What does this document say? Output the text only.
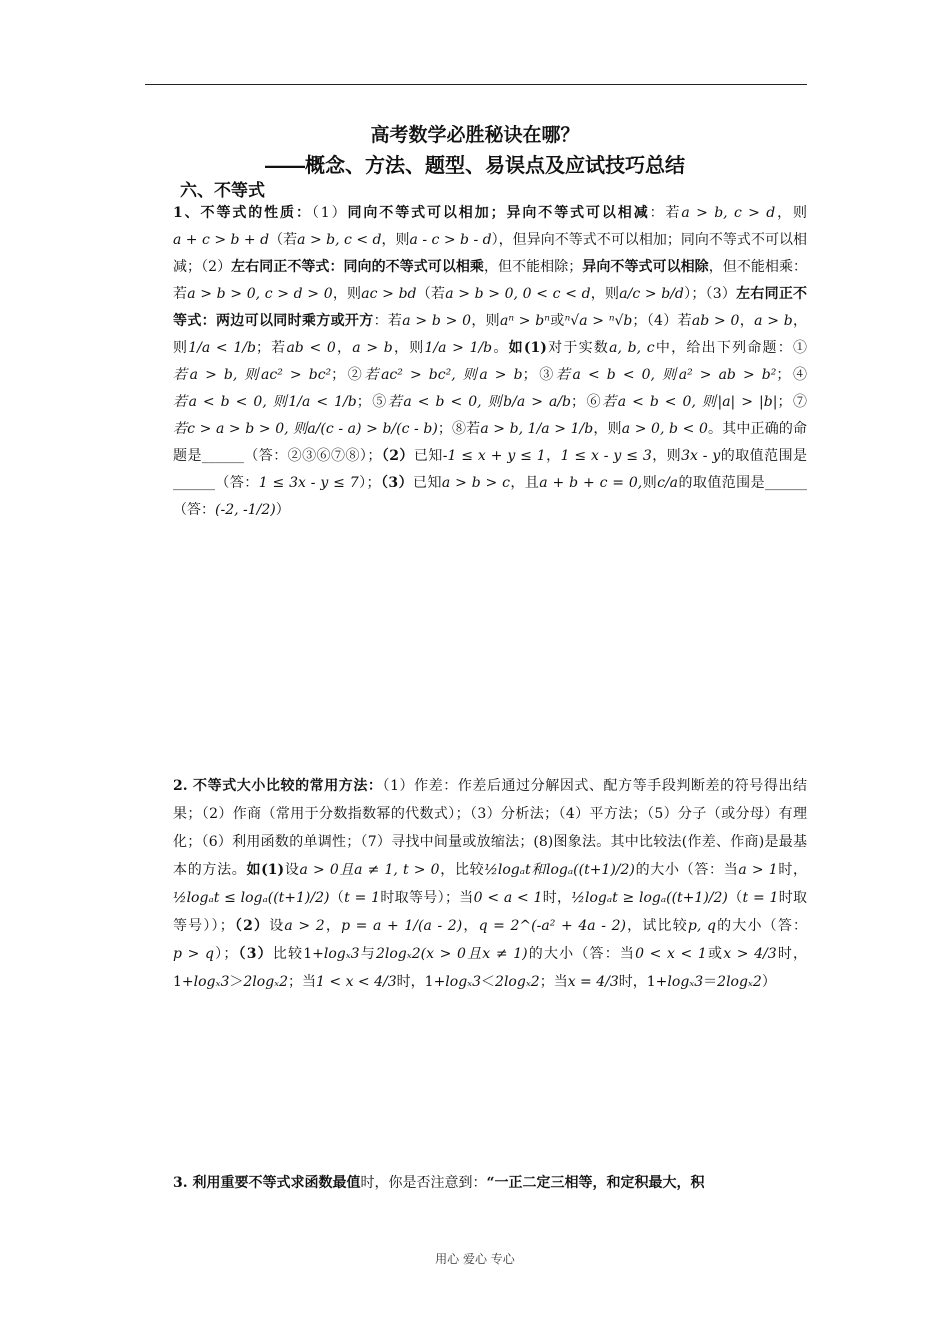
高考数学必胜秘诀在哪？
――概念、方法、题型、易误点及应试技巧总结
六、不等式

1、不等式的性质：（1）同向不等式可以相加；异向不等式可以相减：若a > b, c > d，则a + c > b + d（若a > b, c < d，则a - c > b - d），但异向不等式不可以相加；同向不等式不可以相减；（2）左右同正不等式：同向的不等式可以相乘，但不能相除；异向不等式可以相除，但不能相乘：若a > b > 0, c > d > 0，则ac > bd（若a > b > 0, 0 < c < d，则a/c > b/d）；（3）左右同正不等式：两边可以同时乘方或开方：若a > b > 0，则aⁿ > bⁿ或ⁿ√a > ⁿ√b；（4）若ab > 0，a > b，则1/a < 1/b；若ab < 0，a > b，则1/a > 1/b。如(1)对于实数a, b, c中，给出下列命题：①若a > b, 则ac² > bc²；②若ac² > bc², 则a > b；③若a < b < 0, 则a² > ab > b²；④若a < b < 0, 则1/a < 1/b；⑤若a < b < 0, 则b/a > a/b；⑥若a < b < 0, 则|a| > |b|；⑦若c > a > b > 0, 则a/(c - a) > b/(c - b)；⑧若a > b, 1/a > 1/b，则a > 0, b < 0。其中正确的命题是______（答：②③⑥⑦⑧）；（2）已知-1 ≤ x + y ≤ 1，1 ≤ x - y ≤ 3，则3x - y的取值范围是______（答：1 ≤ 3x - y ≤ 7）；（3）已知a > b > c，且a + b + c = 0,则c/a的取值范围是______（答：(-2, -1/2)）

2. 不等式大小比较的常用方法：（1）作差：作差后通过分解因式、配方等手段判断差的符号得出结果；（2）作商（常用于分数指数幂的代数式）；（3）分析法；（4）平方法；（5）分子（或分母）有理化；（6）利用函数的单调性；（7）寻找中间量或放缩法；(8)图象法。其中比较法(作差、作商)是最基本的方法。如(1)设a > 0且a ≠ 1, t > 0，比较½logₐt和logₐ((t+1)/2)的大小（答：当a > 1时，½logₐt ≤ logₐ((t+1)/2)（t = 1时取等号）；当0 < a < 1时，½logₐt ≥ logₐ((t+1)/2)（t = 1时取等号））；（2）设a > 2，p = a + 1/(a - 2)，q = 2^(-a² + 4a - 2)，试比较p, q的大小（答：p > q）；（3）比较1+logₓ3与2logₓ2(x > 0且x ≠ 1)的大小（答：当0 < x < 1或x > 4/3时，1+logₓ3＞2logₓ2；当1 < x < 4/3时，1+logₓ3＜2logₓ2；当x = 4/3时，1+logₓ3＝2logₓ2）

3. 利用重要不等式求函数最值时，你是否注意到：“一正二定三相等，和定积最大，积

用心 爱心 专心
